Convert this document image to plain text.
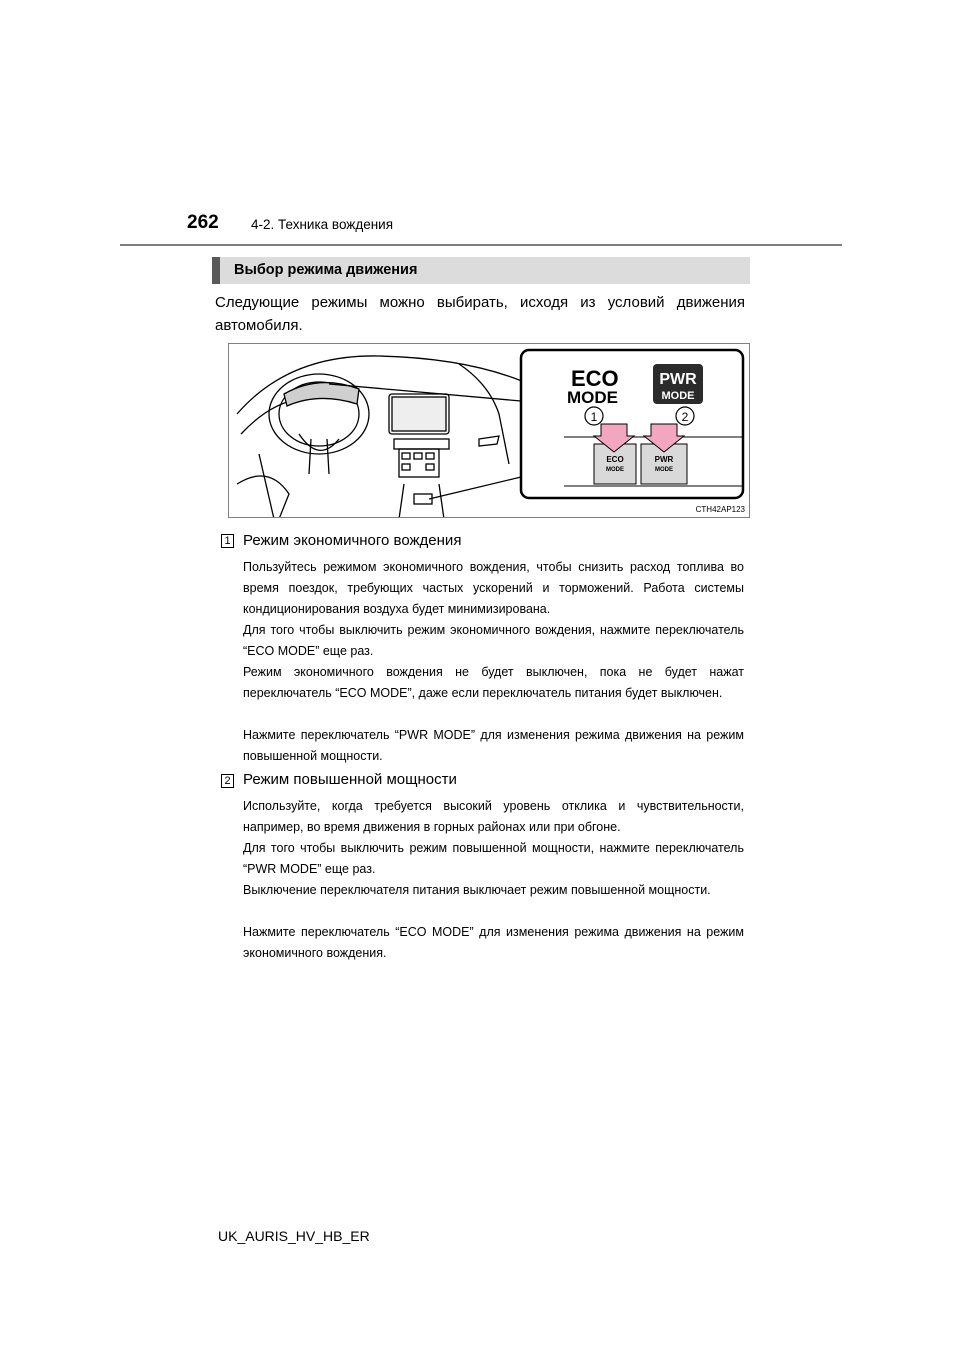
262 4-2. Техника вождения
Выбор режима движения
Следующие режимы можно выбирать, исходя из условий движения автомобиля.
ECO
MODE
PWR
MODE
1	2
ECO
MODE
PWR
MODE
CTH42AP123
1 Режим экономичного вождения
Пользуйтесь режимом экономичного вождения, чтобы снизить расход топлива во время поездок, требующих частых ускорений и торможений. Работа системы кондиционирования воздуха будет минимизирована.
Для того чтобы выключить режим экономичного вождения, нажмите переключатель “ECO MODE” еще раз.
Режим экономичного вождения не будет выключен, пока не будет нажат переключатель “ECO MODE”, даже если переключатель питания будет выключен.
Нажмите переключатель “PWR MODE” для изменения режима движения на режим повышенной мощности.
2 Режим повышенной мощности
Используйте, когда требуется высокий уровень отклика и чувствительности, например, во время движения в горных районах или при обгоне.
Для того чтобы выключить режим повышенной мощности, нажмите переключатель “PWR MODE” еще раз.
Выключение переключателя питания выключает режим повышенной мощности.
Нажмите переключатель “ECO MODE” для изменения режима движения на режим экономичного вождения.
UK_AURIS_HV_HB_ER
